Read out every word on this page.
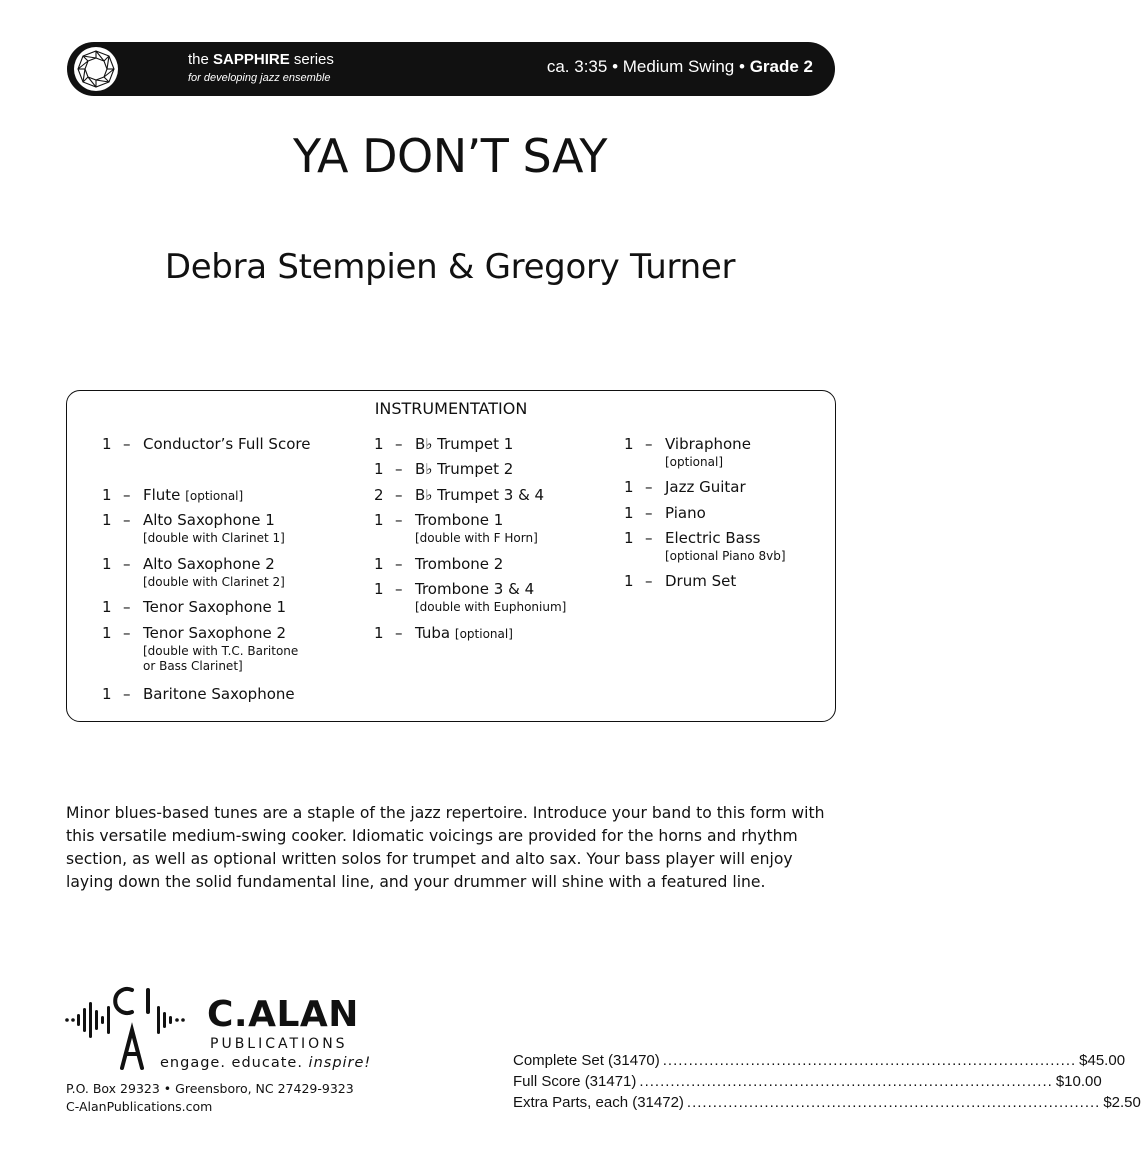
the SAPPHIRE series
for developing jazz ensemble
ca. 3:35 • Medium Swing • Grade 2
YA DON’T SAY
Debra Stempien & Gregory Turner
INSTRUMENTATION
1 – Conductor’s Full Score
1 – Flute [optional]
1 – Alto Saxophone 1
[double with Clarinet 1]
1 – Alto Saxophone 2
[double with Clarinet 2]
1 – Tenor Saxophone 1
1 – Tenor Saxophone 2
[double with T.C. Baritone
or Bass Clarinet]
1 – Baritone Saxophone
1 – B♭ Trumpet 1
1 – B♭ Trumpet 2
2 – B♭ Trumpet 3 & 4
1 – Trombone 1
[double with F Horn]
1 – Trombone 2
1 – Trombone 3 & 4
[double with Euphonium]
1 – Tuba [optional]
1 – Vibraphone
[optional]
1 – Jazz Guitar
1 – Piano
1 – Electric Bass
[optional Piano 8vb]
1 – Drum Set
Minor blues-based tunes are a staple of the jazz repertoire. Introduce your band to this form with this versatile medium-swing cooker. Idiomatic voicings are provided for the horns and rhythm section, as well as optional written solos for trumpet and alto sax. Your bass player will enjoy laying down the solid fundamental line, and your drummer will shine with a featured line.
C.ALAN
PUBLICATIONS
engage. educate. inspire!
P.O. Box 29323 • Greensboro, NC 27429-9323
C-AlanPublications.com
Complete Set (31470) ................................................................................ $45.00
Full Score (31471) ................................................................................ $10.00
Extra Parts, each (31472) ................................................................................ $2.50
